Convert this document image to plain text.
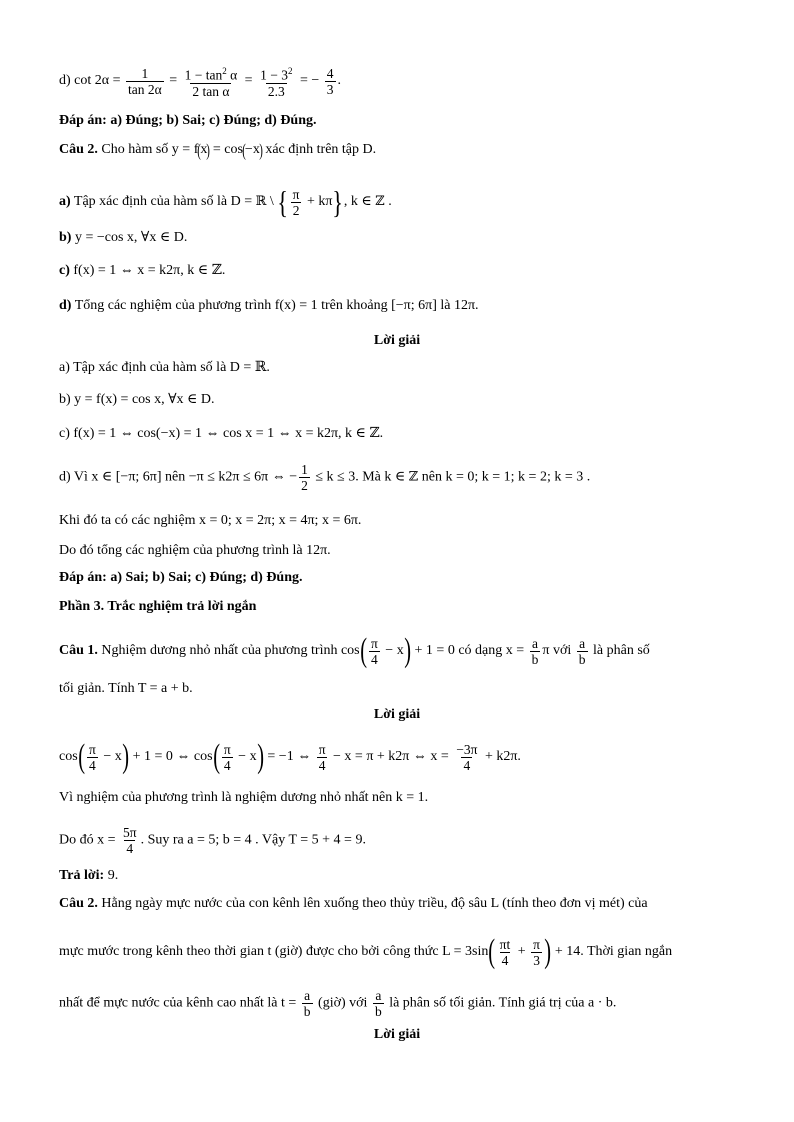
d) $\cot 2\alpha = \frac{1}{\tan 2\alpha} = \frac{1 - \tan^2 \alpha}{\text{2 tan α}} = \frac{1 - 3^2}{2.3}$ = − $\frac{4}{3}$ .
Đáp án: a) Đúng; b) Sai; c) Đúng; d) Đúng.
Câu 2. Cho hàm số y = f(x) = cos(−x) xác định trên tập D.
a) Tập xác định của hàm số là D = ℝ \ { $\frac{\pi}{2} + k\pi$}, k ∈ ℤ .
b) y = −cos x, ∀x ∈ D.
c) f(x) = 1 ⇔ x = k2π, k ∈ ℤ.
d) Tổng các nghiệm của phương trình f(x) = 1 trên khoảng [−π; 6π] là 12π.
Lời giải
a) Tập xác định của hàm số là D = ℝ.
b) y = f(x) = cos x, ∀x ∈ D.
c) f(x) = 1 ⇔ cos(−x) = 1 ⇔ cos x = 1 ⇔ x = k2π, k ∈ ℤ.
d) Vì x ∈ [−π; 6π] nên −π ≤ k2π ≤ 6π ⇔ − $\frac{1}{2} \le k \le 3$. Mà k ∈ ℤ nên k = 0; k = 1; k = 2; k = 3 .
Khi đó ta có các nghiệm x = 0; x = 2π; x = 4π; x = 6π.
Do đó tổng các nghiệm của phương trình là 12π.
Đáp án: a) Sai; b) Sai; c) Đúng; d) Đúng.
Phần 3. Trắc nghiệm trả lời ngắn
Câu 1. Nghiệm dương nhỏ nhất của phương trình $\cos( \frac{\pi}{4} - x) + 1 = 0$ có dạng $x = \frac{a}{b}$ π với $\frac{a}{b}$ là phân số
tối giản. Tính T = a + b.
Lời giải
$\cos( \frac{\pi}{4} - x) + 1 = 0$ ⇔ $\cos( \frac{\pi}{4} - x) = -1$ ⇔ $\frac{\pi}{4} - x = \pi + k2\pi$ ⇔ $x = \frac{-3\pi}{4} + k2\pi$.
Vì nghiệm của phương trình là nghiệm dương nhỏ nhất nên k = 1.
Do đó $x = \frac{5\pi}{4}$ . Suy ra a = 5; b = 4 . Vậy T = 5 + 4 = 9.
Trả lời: 9.
Câu 2. Hằng ngày mực nước của con kênh lên xuống theo thủy triều, độ sâu L (tính theo đơn vị mét) của
mực mước trong kênh theo thời gian t (giờ) được cho bởi công thức $L = 3\sin( \frac{\pi t}{4} + \frac{\pi}{3}$ ) + 14. Thời gian ngắn
nhất để mực nước của kênh cao nhất là $t = \frac{a}{b}$ (giờ) với $\frac{a}{b}$ là phân số tối giản. Tính giá trị của a · b.
Lời giải
